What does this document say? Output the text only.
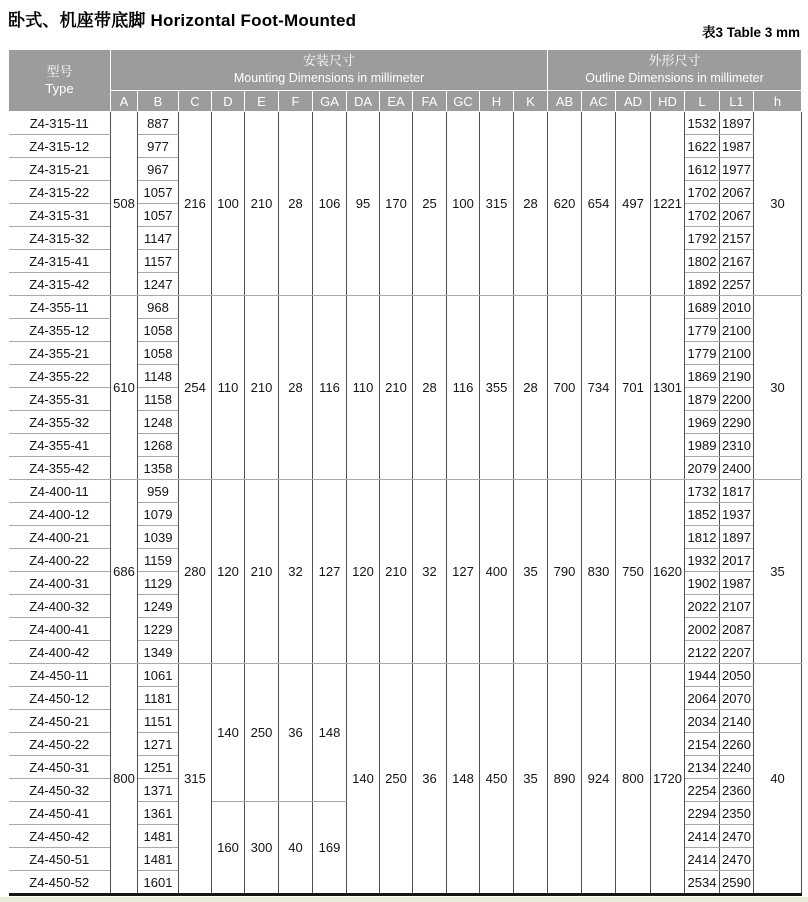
卧式、机座带底脚 Horizontal Foot-Mounted
表3 Table 3 mm
型号
Type	安装尺寸
Mounting Dimensions in millimeter													外形尺寸
Outline Dimensions in millimeter						
	A	B	C	D	E	F	GA	DA	EA	FA	GC	H	K	AB	AC	AD	HD	L	L1	h
Z4-315-11	508	887	216	100	210	28	106	95	170	25	100	315	28	620	654	497	1221	1532	1897	30
Z4-315-12		977																1622	1987	
Z4-315-21		967																1612	1977	
Z4-315-22		1057																1702	2067	
Z4-315-31		1057																1702	2067	
Z4-315-32		1147																1792	2157	
Z4-315-41		1157																1802	2167	
Z4-315-42		1247																1892	2257	
Z4-355-11	610	968	254	110	210	28	116	110	210	28	116	355	28	700	734	701	1301	1689	2010	30
Z4-355-12		1058																1779	2100	
Z4-355-21		1058																1779	2100	
Z4-355-22		1148																1869	2190	
Z4-355-31		1158																1879	2200	
Z4-355-32		1248																1969	2290	
Z4-355-41		1268																1989	2310	
Z4-355-42		1358																2079	2400	
Z4-400-11	686	959	280	120	210	32	127	120	210	32	127	400	35	790	830	750	1620	1732	1817	35
Z4-400-12		1079																1852	1937	
Z4-400-21		1039																1812	1897	
Z4-400-22		1159																1932	2017	
Z4-400-31		1129																1902	1987	
Z4-400-32		1249																2022	2107	
Z4-400-41		1229																2002	2087	
Z4-400-42		1349																2122	2207	
Z4-450-11	800	1061	315	140	250	36	148	140	250	36	148	450	35	890	924	800	1720	1944	2050	40
Z4-450-12		1181																2064	2070	
Z4-450-21		1151																2034	2140	
Z4-450-22		1271																2154	2260	
Z4-450-31		1251																2134	2240	
Z4-450-32		1371																2254	2360	
Z4-450-41		1361		160	300	40	169											2294	2350	
Z4-450-42		1481																2414	2470	
Z4-450-51		1481																2414	2470	
Z4-450-52		1601																2534	2590	
